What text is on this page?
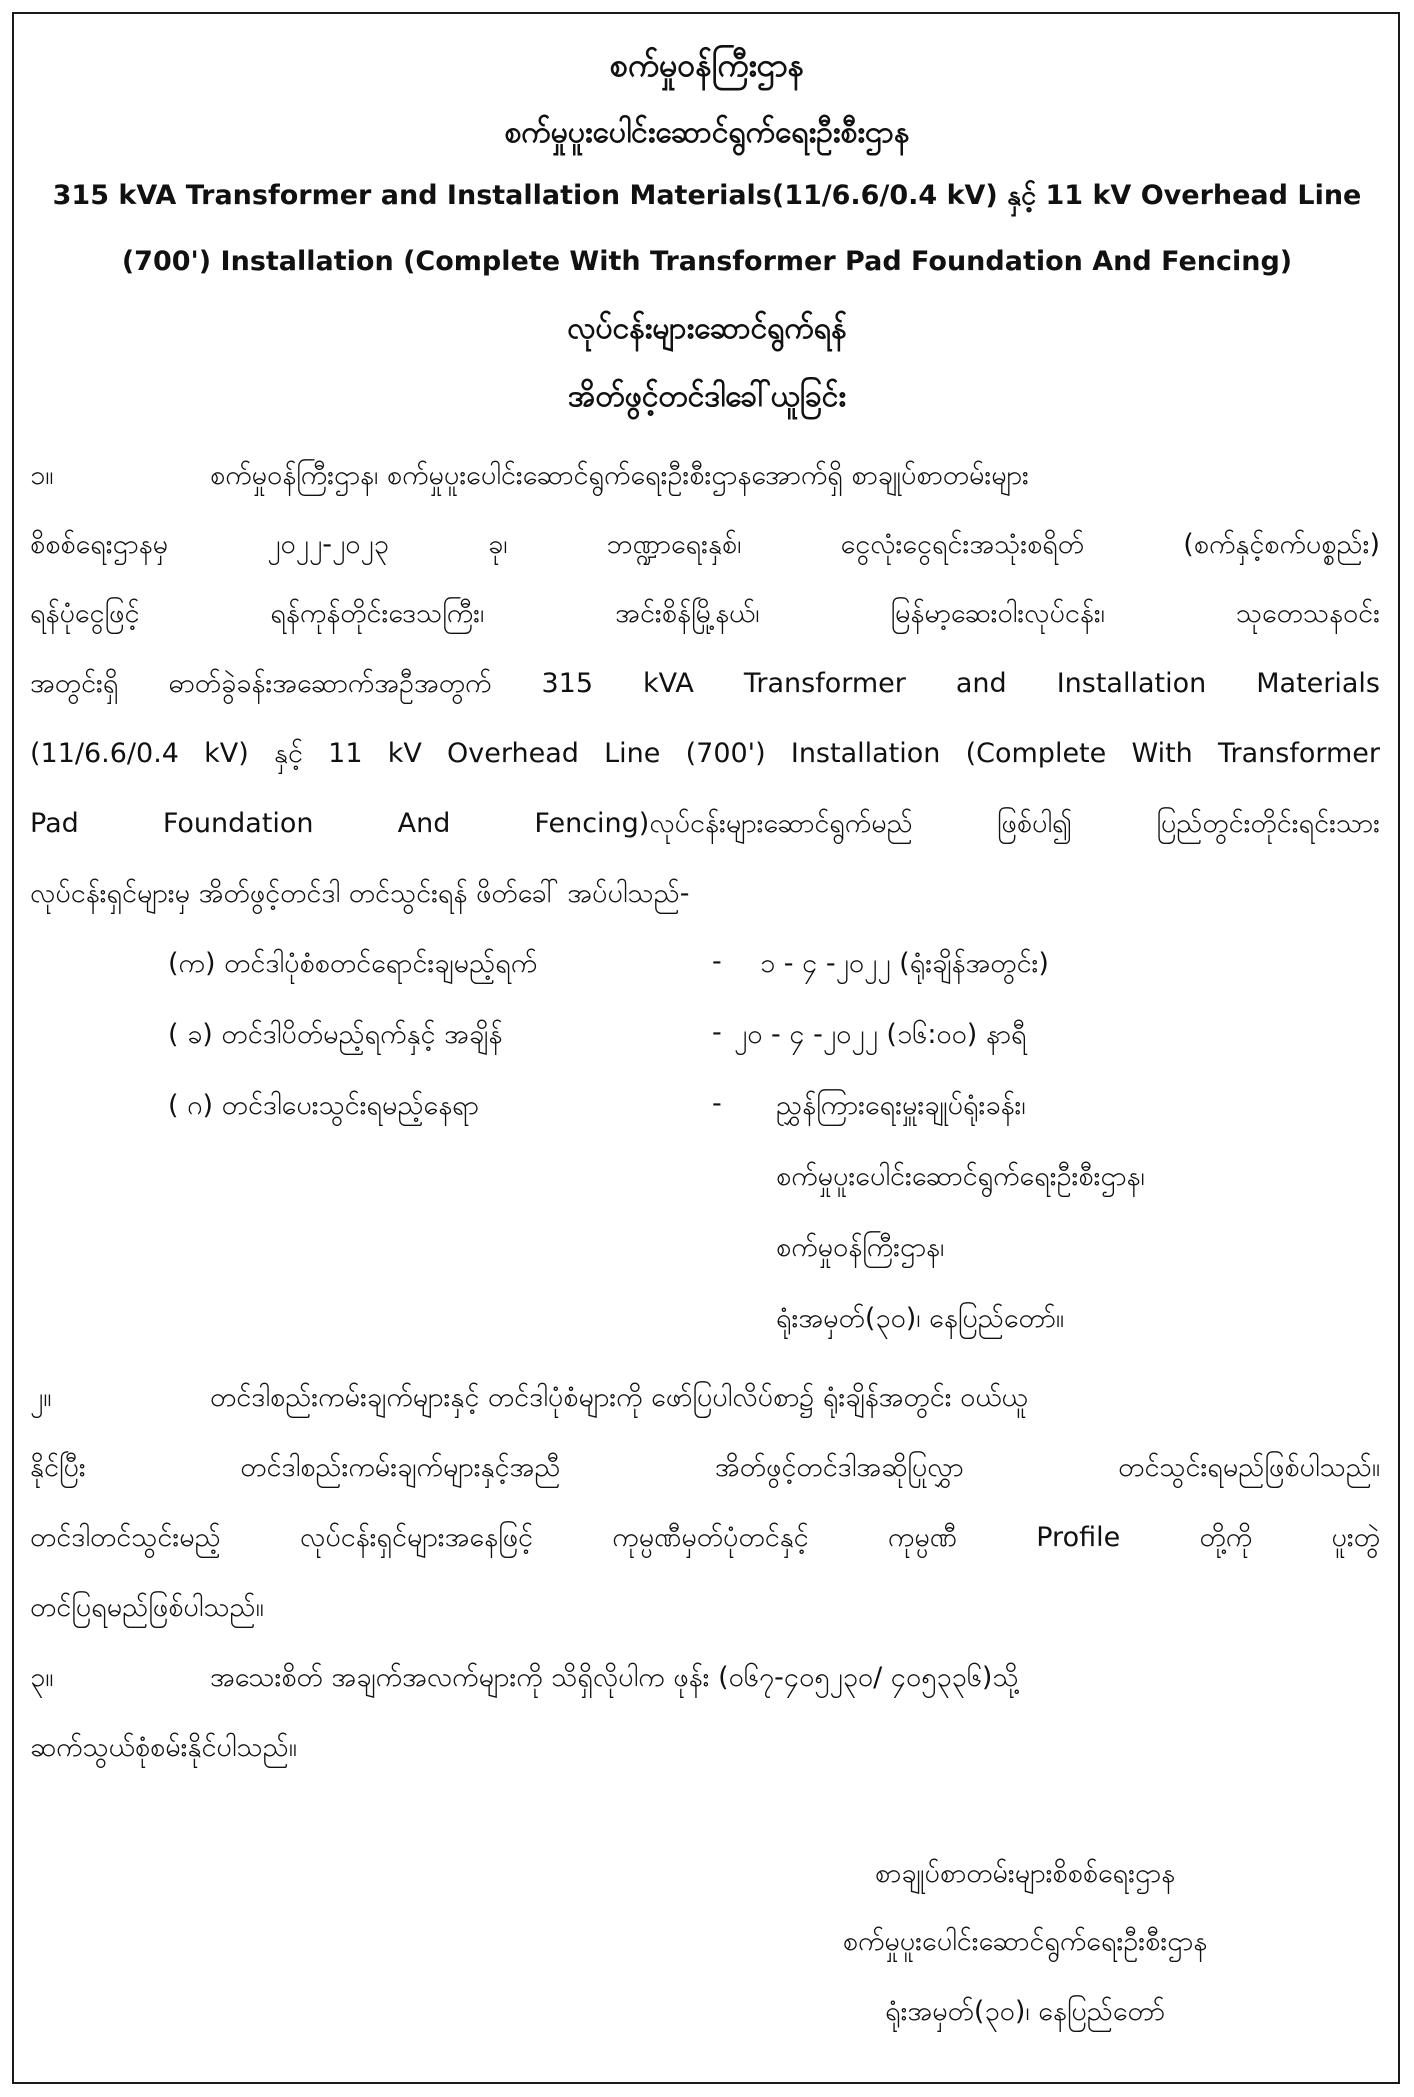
စက်မှုဝန်ကြီးဌာန
စက်မှုပူးပေါင်းဆောင်ရွက်ရေးဦးစီးဌာန
315 kVA Transformer and Installation Materials(11/6.6/0.4 kV) နှင့် 11 kV Overhead Line
(700') Installation (Complete With Transformer Pad Foundation And Fencing)
လုပ်ငန်းများဆောင်ရွက်ရန်
အိတ်ဖွင့်တင်ဒါခေါ်ယူခြင်း
၁။	စက်မှုဝန်ကြီးဌာန၊ စက်မှုပူးပေါင်းဆောင်ရွက်ရေးဦးစီးဌာနအောက်ရှိ စာချုပ်စာတမ်းများ
စိစစ်ရေးဌာနမှ ၂၀၂၂-၂၀၂၃ ခု၊ ဘဏ္ဍာရေးနှစ်၊ ငွေလုံးငွေရင်းအသုံးစရိတ် (စက်နှင့်စက်ပစ္စည်း)
ရန်ပုံငွေဖြင့် ရန်ကုန်တိုင်းဒေသကြီး၊ အင်းစိန်မြို့နယ်၊ မြန်မာ့ဆေးဝါးလုပ်ငန်း၊ သုတေသနဝင်း
အတွင်းရှိ ဓာတ်ခွဲခန်းအဆောက်အဦအတွက် 315 kVA Transformer and Installation Materials
(11/6.6/0.4 kV) နှင့် 11 kV Overhead Line (700') Installation (Complete With Transformer
Pad Foundation And Fencing)လုပ်ငန်းများဆောင်ရွက်မည် ဖြစ်ပါ၍ ပြည်တွင်းတိုင်းရင်းသား
လုပ်ငန်းရှင်များမှ အိတ်ဖွင့်တင်ဒါ တင်သွင်းရန် ဖိတ်ခေါ် အပ်ပါသည်-
(က) တင်ဒါပုံစံစတင်ရောင်းချမည့်ရက်	- ၁ - ၄ -၂၀၂၂ (ရုံးချိန်အတွင်း)
( ခ) တင်ဒါပိတ်မည့်ရက်နှင့် အချိန်	- ၂၀ - ၄ -၂၀၂၂ (၁၆:၀၀) နာရီ
( ဂ) တင်ဒါပေးသွင်းရမည့်နေရာ	- ညွှန်ကြားရေးမှူးချုပ်ရုံးခန်း၊
စက်မှုပူးပေါင်းဆောင်ရွက်ရေးဦးစီးဌာန၊
စက်မှုဝန်ကြီးဌာန၊
ရုံးအမှတ်(၃၀)၊ နေပြည်တော်။
၂။	တင်ဒါစည်းကမ်းချက်များနှင့် တင်ဒါပုံစံများကို ဖော်ပြပါလိပ်စာ၌ ရုံးချိန်အတွင်း ဝယ်ယူ
နိုင်ပြီး တင်ဒါစည်းကမ်းချက်များနှင့်အညီ အိတ်ဖွင့်တင်ဒါအဆိုပြုလွှာ တင်သွင်းရမည်ဖြစ်ပါသည်။
တင်ဒါတင်သွင်းမည့် လုပ်ငန်းရှင်များအနေဖြင့် ကုမ္ပဏီမှတ်ပုံတင်နှင့် ကုမ္ပဏီ Profile တို့ကို ပူးတွဲ
တင်ပြရမည်ဖြစ်ပါသည်။
၃။	အသေးစိတ် အချက်အလက်များကို သိရှိလိုပါက ဖုန်း (၀၆၇-၄၀၅၂၃၀/ ၄၀၅၃၃၆)သို့
ဆက်သွယ်စုံစမ်းနိုင်ပါသည်။
စာချုပ်စာတမ်းများစိစစ်ရေးဌာန
စက်မှုပူးပေါင်းဆောင်ရွက်ရေးဦးစီးဌာန
ရုံးအမှတ်(၃၀)၊ နေပြည်တော်
